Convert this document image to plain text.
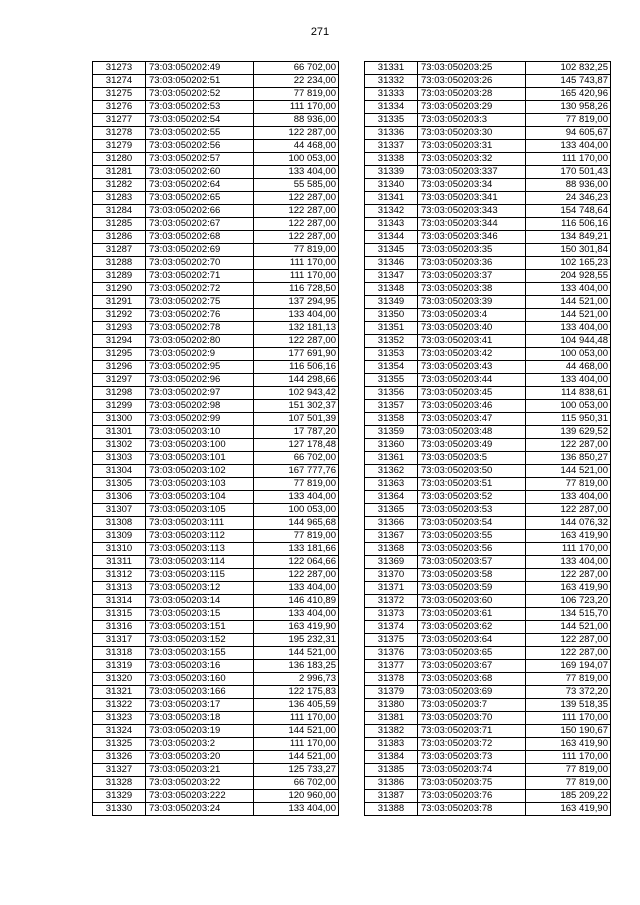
271
31273	73:03:050202:49	66 702,00
31274	73:03:050202:51	22 234,00
31275	73:03:050202:52	77 819,00
31276	73:03:050202:53	111 170,00
31277	73:03:050202:54	88 936,00
31278	73:03:050202:55	122 287,00
31279	73:03:050202:56	44 468,00
31280	73:03:050202:57	100 053,00
31281	73:03:050202:60	133 404,00
31282	73:03:050202:64	55 585,00
31283	73:03:050202:65	122 287,00
31284	73:03:050202:66	122 287,00
31285	73:03:050202:67	122 287,00
31286	73:03:050202:68	122 287,00
31287	73:03:050202:69	77 819,00
31288	73:03:050202:70	111 170,00
31289	73:03:050202:71	111 170,00
31290	73:03:050202:72	116 728,50
31291	73:03:050202:75	137 294,95
31292	73:03:050202:76	133 404,00
31293	73:03:050202:78	132 181,13
31294	73:03:050202:80	122 287,00
31295	73:03:050202:9	177 691,90
31296	73:03:050202:95	116 506,16
31297	73:03:050202:96	144 298,66
31298	73:03:050202:97	102 943,42
31299	73:03:050202:98	151 302,37
31300	73:03:050202:99	107 501,39
31301	73:03:050203:10	17 787,20
31302	73:03:050203:100	127 178,48
31303	73:03:050203:101	66 702,00
31304	73:03:050203:102	167 777,76
31305	73:03:050203:103	77 819,00
31306	73:03:050203:104	133 404,00
31307	73:03:050203:105	100 053,00
31308	73:03:050203:111	144 965,68
31309	73:03:050203:112	77 819,00
31310	73:03:050203:113	133 181,66
31311	73:03:050203:114	122 064,66
31312	73:03:050203:115	122 287,00
31313	73:03:050203:12	133 404,00
31314	73:03:050203:14	146 410,89
31315	73:03:050203:15	133 404,00
31316	73:03:050203:151	163 419,90
31317	73:03:050203:152	195 232,31
31318	73:03:050203:155	144 521,00
31319	73:03:050203:16	136 183,25
31320	73:03:050203:160	2 996,73
31321	73:03:050203:166	122 175,83
31322	73:03:050203:17	136 405,59
31323	73:03:050203:18	111 170,00
31324	73:03:050203:19	144 521,00
31325	73:03:050203:2	111 170,00
31326	73:03:050203:20	144 521,00
31327	73:03:050203:21	125 733,27
31328	73:03:050203:22	66 702,00
31329	73:03:050203:222	120 960,00
31330	73:03:050203:24	133 404,00
31331	73:03:050203:25	102 832,25
31332	73:03:050203:26	145 743,87
31333	73:03:050203:28	165 420,96
31334	73:03:050203:29	130 958,26
31335	73:03:050203:3	77 819,00
31336	73:03:050203:30	94 605,67
31337	73:03:050203:31	133 404,00
31338	73:03:050203:32	111 170,00
31339	73:03:050203:337	170 501,43
31340	73:03:050203:34	88 936,00
31341	73:03:050203:341	24 346,23
31342	73:03:050203:343	154 748,64
31343	73:03:050203:344	116 506,16
31344	73:03:050203:346	134 849,21
31345	73:03:050203:35	150 301,84
31346	73:03:050203:36	102 165,23
31347	73:03:050203:37	204 928,55
31348	73:03:050203:38	133 404,00
31349	73:03:050203:39	144 521,00
31350	73:03:050203:4	144 521,00
31351	73:03:050203:40	133 404,00
31352	73:03:050203:41	104 944,48
31353	73:03:050203:42	100 053,00
31354	73:03:050203:43	44 468,00
31355	73:03:050203:44	133 404,00
31356	73:03:050203:45	114 838,61
31357	73:03:050203:46	100 053,00
31358	73:03:050203:47	115 950,31
31359	73:03:050203:48	139 629,52
31360	73:03:050203:49	122 287,00
31361	73:03:050203:5	136 850,27
31362	73:03:050203:50	144 521,00
31363	73:03:050203:51	77 819,00
31364	73:03:050203:52	133 404,00
31365	73:03:050203:53	122 287,00
31366	73:03:050203:54	144 076,32
31367	73:03:050203:55	163 419,90
31368	73:03:050203:56	111 170,00
31369	73:03:050203:57	133 404,00
31370	73:03:050203:58	122 287,00
31371	73:03:050203:59	163 419,90
31372	73:03:050203:60	106 723,20
31373	73:03:050203:61	134 515,70
31374	73:03:050203:62	144 521,00
31375	73:03:050203:64	122 287,00
31376	73:03:050203:65	122 287,00
31377	73:03:050203:67	169 194,07
31378	73:03:050203:68	77 819,00
31379	73:03:050203:69	73 372,20
31380	73:03:050203:7	139 518,35
31381	73:03:050203:70	111 170,00
31382	73:03:050203:71	150 190,67
31383	73:03:050203:72	163 419,90
31384	73:03:050203:73	111 170,00
31385	73:03:050203:74	77 819,00
31386	73:03:050203:75	77 819,00
31387	73:03:050203:76	185 209,22
31388	73:03:050203:78	163 419,90
